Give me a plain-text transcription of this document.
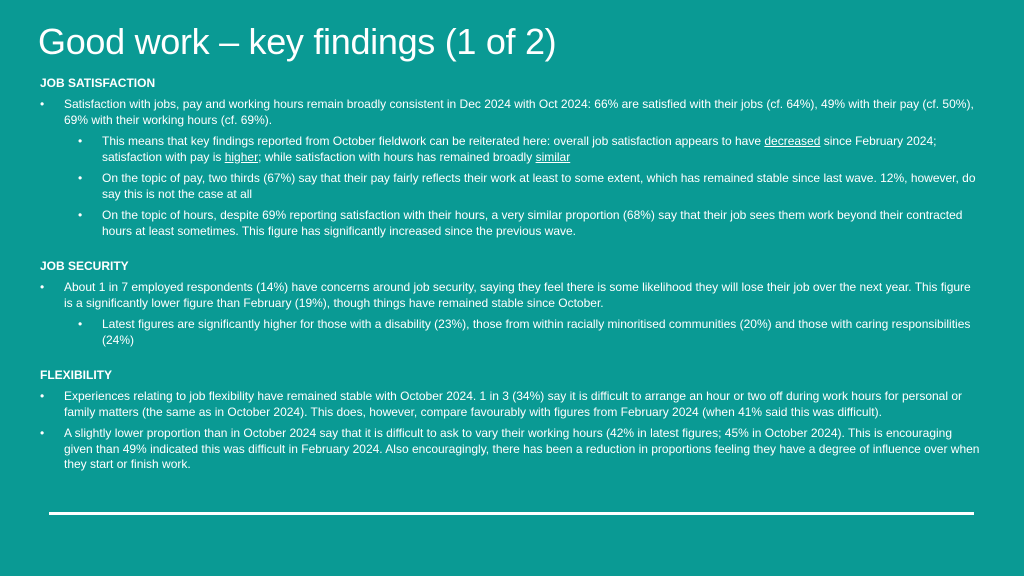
Good work – key findings (1 of 2)

JOB SATISFACTION

• Satisfaction with jobs, pay and working hours remain broadly consistent in Dec 2024 with Oct 2024: 66% are satisfied with their jobs (cf. 64%), 49% with their pay (cf. 50%), 69% with their working hours (cf. 69%).

• This means that key findings reported from October fieldwork can be reiterated here: overall job satisfaction appears to have decreased since February 2024; satisfaction with pay is higher; while satisfaction with hours has remained broadly similar

• On the topic of pay, two thirds (67%) say that their pay fairly reflects their work at least to some extent, which has remained stable since last wave. 12%, however, do say this is not the case at all

• On the topic of hours, despite 69% reporting satisfaction with their hours, a very similar proportion (68%) say that their job sees them work beyond their contracted hours at least sometimes. This figure has significantly increased since the previous wave.

JOB SECURITY

• About 1 in 7 employed respondents (14%) have concerns around job security, saying they feel there is some likelihood they will lose their job over the next year. This figure is a significantly lower figure than February (19%), though things have remained stable since October.

• Latest figures are significantly higher for those with a disability (23%), those from within racially minoritised communities (20%) and those with caring responsibilities (24%)

FLEXIBILITY

• Experiences relating to job flexibility have remained stable with October 2024. 1 in 3 (34%) say it is difficult to arrange an hour or two off during work hours for personal or family matters (the same as in October 2024). This does, however, compare favourably with figures from February 2024 (when 41% said this was difficult).

• A slightly lower proportion than in October 2024 say that it is difficult to ask to vary their working hours (42% in latest figures; 45% in October 2024). This is encouraging given than 49% indicated this was difficult in February 2024. Also encouragingly, there has been a reduction in proportions feeling they have a degree of influence over when they start or finish work.
